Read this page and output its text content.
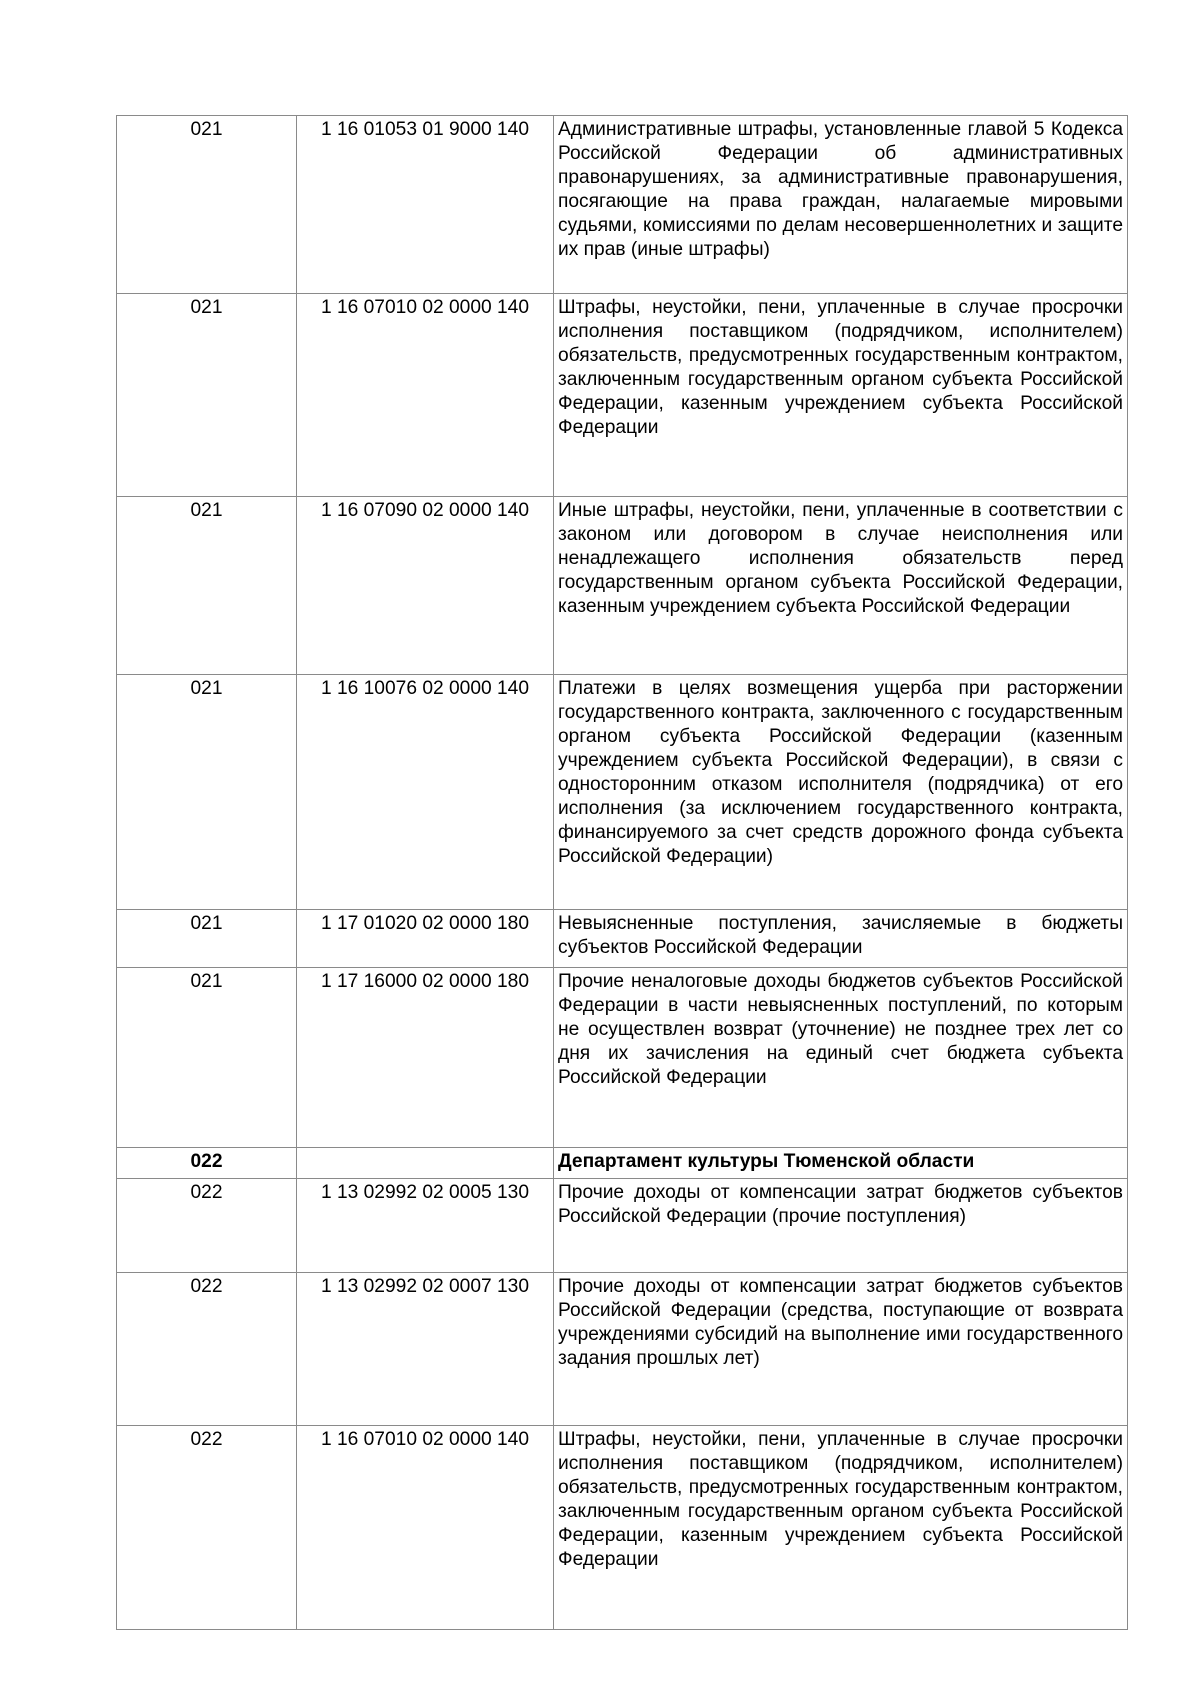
021	1 16 01053 01 9000 140	Административные штрафы, установленные главой 5 Кодекса Российской Федерации об административных правонарушениях, за административные правонарушения, посягающие на права граждан, налагаемые мировыми судьями, комиссиями по делам несовершеннолетних и защите их прав (иные штрафы)
021	1 16 07010 02 0000 140	Штрафы, неустойки, пени, уплаченные в случае просрочки исполнения поставщиком (подрядчиком, исполнителем) обязательств, предусмотренных государственным контрактом, заключенным государственным органом субъекта Российской Федерации, казенным учреждением субъекта Российской Федерации
021	1 16 07090 02 0000 140	Иные штрафы, неустойки, пени, уплаченные в соответствии с законом или договором в случае неисполнения или ненадлежащего исполнения обязательств перед государственным органом субъекта Российской Федерации, казенным учреждением субъекта Российской Федерации
021	1 16 10076 02 0000 140	Платежи в целях возмещения ущерба при расторжении государственного контракта, заключенного с государственным органом субъекта Российской Федерации (казенным учреждением субъекта Российской Федерации), в связи с односторонним отказом исполнителя (подрядчика) от его исполнения (за исключением государственного контракта, финансируемого за счет средств дорожного фонда субъекта Российской Федерации)
021	1 17 01020 02 0000 180	Невыясненные поступления, зачисляемые в бюджеты субъектов Российской Федерации
021	1 17 16000 02 0000 180	Прочие неналоговые доходы бюджетов субъектов Российской Федерации в части невыясненных поступлений, по которым не осуществлен возврат (уточнение) не позднее трех лет со дня их зачисления на единый счет бюджета субъекта Российской Федерации
022		Департамент культуры Тюменской области
022	1 13 02992 02 0005 130	Прочие доходы от компенсации затрат бюджетов субъектов Российской Федерации (прочие поступления)
022	1 13 02992 02 0007 130	Прочие доходы от компенсации затрат бюджетов субъектов Российской Федерации (средства, поступающие от возврата учреждениями субсидий на выполнение ими государственного задания прошлых лет)
022	1 16 07010 02 0000 140	Штрафы, неустойки, пени, уплаченные в случае просрочки исполнения поставщиком (подрядчиком, исполнителем) обязательств, предусмотренных государственным контрактом, заключенным государственным органом субъекта Российской Федерации, казенным учреждением субъекта Российской Федерации
